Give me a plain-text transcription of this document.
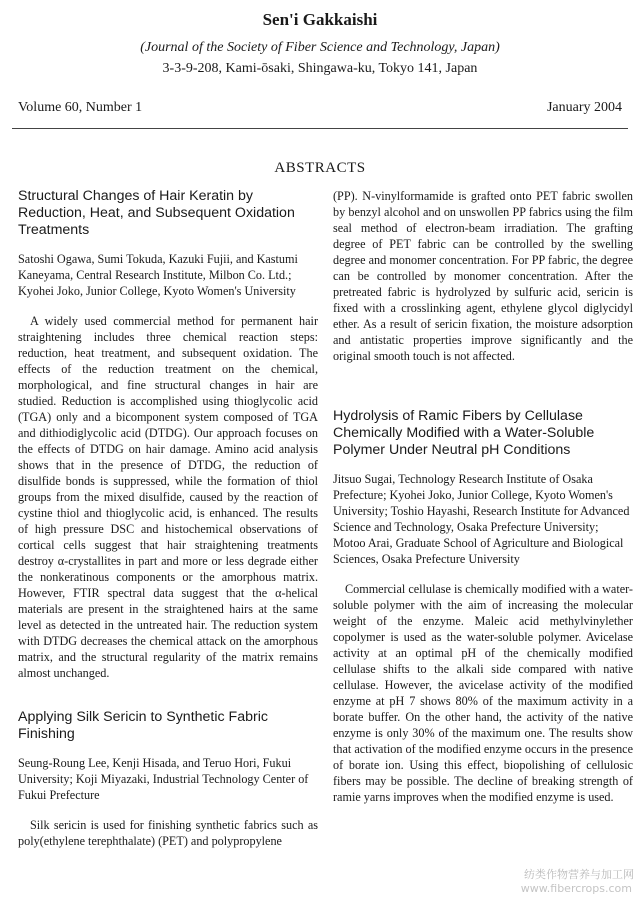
Sen'i Gakkaishi
(Journal of the Society of Fiber Science and Technology, Japan)
3-3-9-208, Kami-ōsaki, Shingawa-ku, Tokyo 141, Japan
Volume 60, Number 1	January 2004
ABSTRACTS
Structural Changes of Hair Keratin by Reduction, Heat, and Subsequent Oxidation Treatments

Satoshi Ogawa, Sumi Tokuda, Kazuki Fujii, and Kastumi Kaneyama, Central Research Institute, Milbon Co. Ltd.; Kyohei Joko, Junior College, Kyoto Women's University

A widely used commercial method for permanent hair straightening includes three chemical reaction steps: reduction, heat treatment, and subsequent oxidation. The effects of the reduction treatment on the chemical, morphological, and fine structural changes in hair are studied. Reduction is accomplished using thioglycolic acid (TGA) only and a bicomponent system composed of TGA and dithiodiglycolic acid (DTDG). Our approach focuses on the effects of DTDG on hair damage. Amino acid analysis shows that in the presence of DTDG, the reduction of disulfide bonds is suppressed, while the formation of thiol groups from the mixed disulfide, caused by the reaction of cystine thiol and thioglycolic acid, is enhanced. The results of high pressure DSC and histochemical observations of cortical cells suggest that hair straightening treatments destroy α-crystallites in part and more or less degrade either the nonkeratinous components or the amorphous matrix. However, FTIR spectral data suggest that the α-helical materials are present in the straightened hairs at the same level as detected in the untreated hair. The reduction system with DTDG decreases the chemical attack on the amorphous matrix, and the structural regularity of the matrix remains almost unchanged.

Applying Silk Sericin to Synthetic Fabric Finishing

Seung-Roung Lee, Kenji Hisada, and Teruo Hori, Fukui University; Koji Miyazaki, Industrial Technology Center of Fukui Prefecture

Silk sericin is used for finishing synthetic fabrics such as poly(ethylene terephthalate) (PET) and polypropylene

(PP). N-vinylformamide is grafted onto PET fabric swollen by benzyl alcohol and on unswollen PP fabrics using the film seal method of electron-beam irradiation. The grafting degree of PET fabric can be controlled by the swelling degree and monomer concentration. For PP fabric, the degree can be controlled by monomer concentration. After the pretreated fabric is hydrolyzed by sulfuric acid, sericin is fixed with a crosslinking agent, ethylene glycol diglycidyl ether. As a result of sericin fixation, the moisture adsorption and antistatic properties improve significantly and the original smooth touch is not affected.

Hydrolysis of Ramic Fibers by Cellulase Chemically Modified with a Water-Soluble Polymer Under Neutral pH Conditions

Jitsuo Sugai, Technology Research Institute of Osaka Prefecture; Kyohei Joko, Junior College, Kyoto Women's University; Toshio Hayashi, Research Institute for Advanced Science and Technology, Osaka Prefecture University; Motoo Arai, Graduate School of Agriculture and Biological Sciences, Osaka Prefecture University

Commercial cellulase is chemically modified with a water-soluble polymer with the aim of increasing the molecular weight of the enzyme. Maleic acid methylvinylether copolymer is used as the water-soluble polymer. Avicelase activity at an optimal pH of the chemically modified cellulase shifts to the alkali side compared with native cellulase. However, the avicelase activity of the modified enzyme at pH 7 shows 80% of the maximum activity in a borate buffer. On the other hand, the activity of the native enzyme is only 30% of the maximum one. The results show that activation of the modified enzyme occurs in the presence of borate ion. Using this effect, biopolishing of cellulosic fibers may be possible. The decline of breaking strength of ramie yarns improves when the modified enzyme is used.

纺类作物营养与加工网
www.fibercrops.com
